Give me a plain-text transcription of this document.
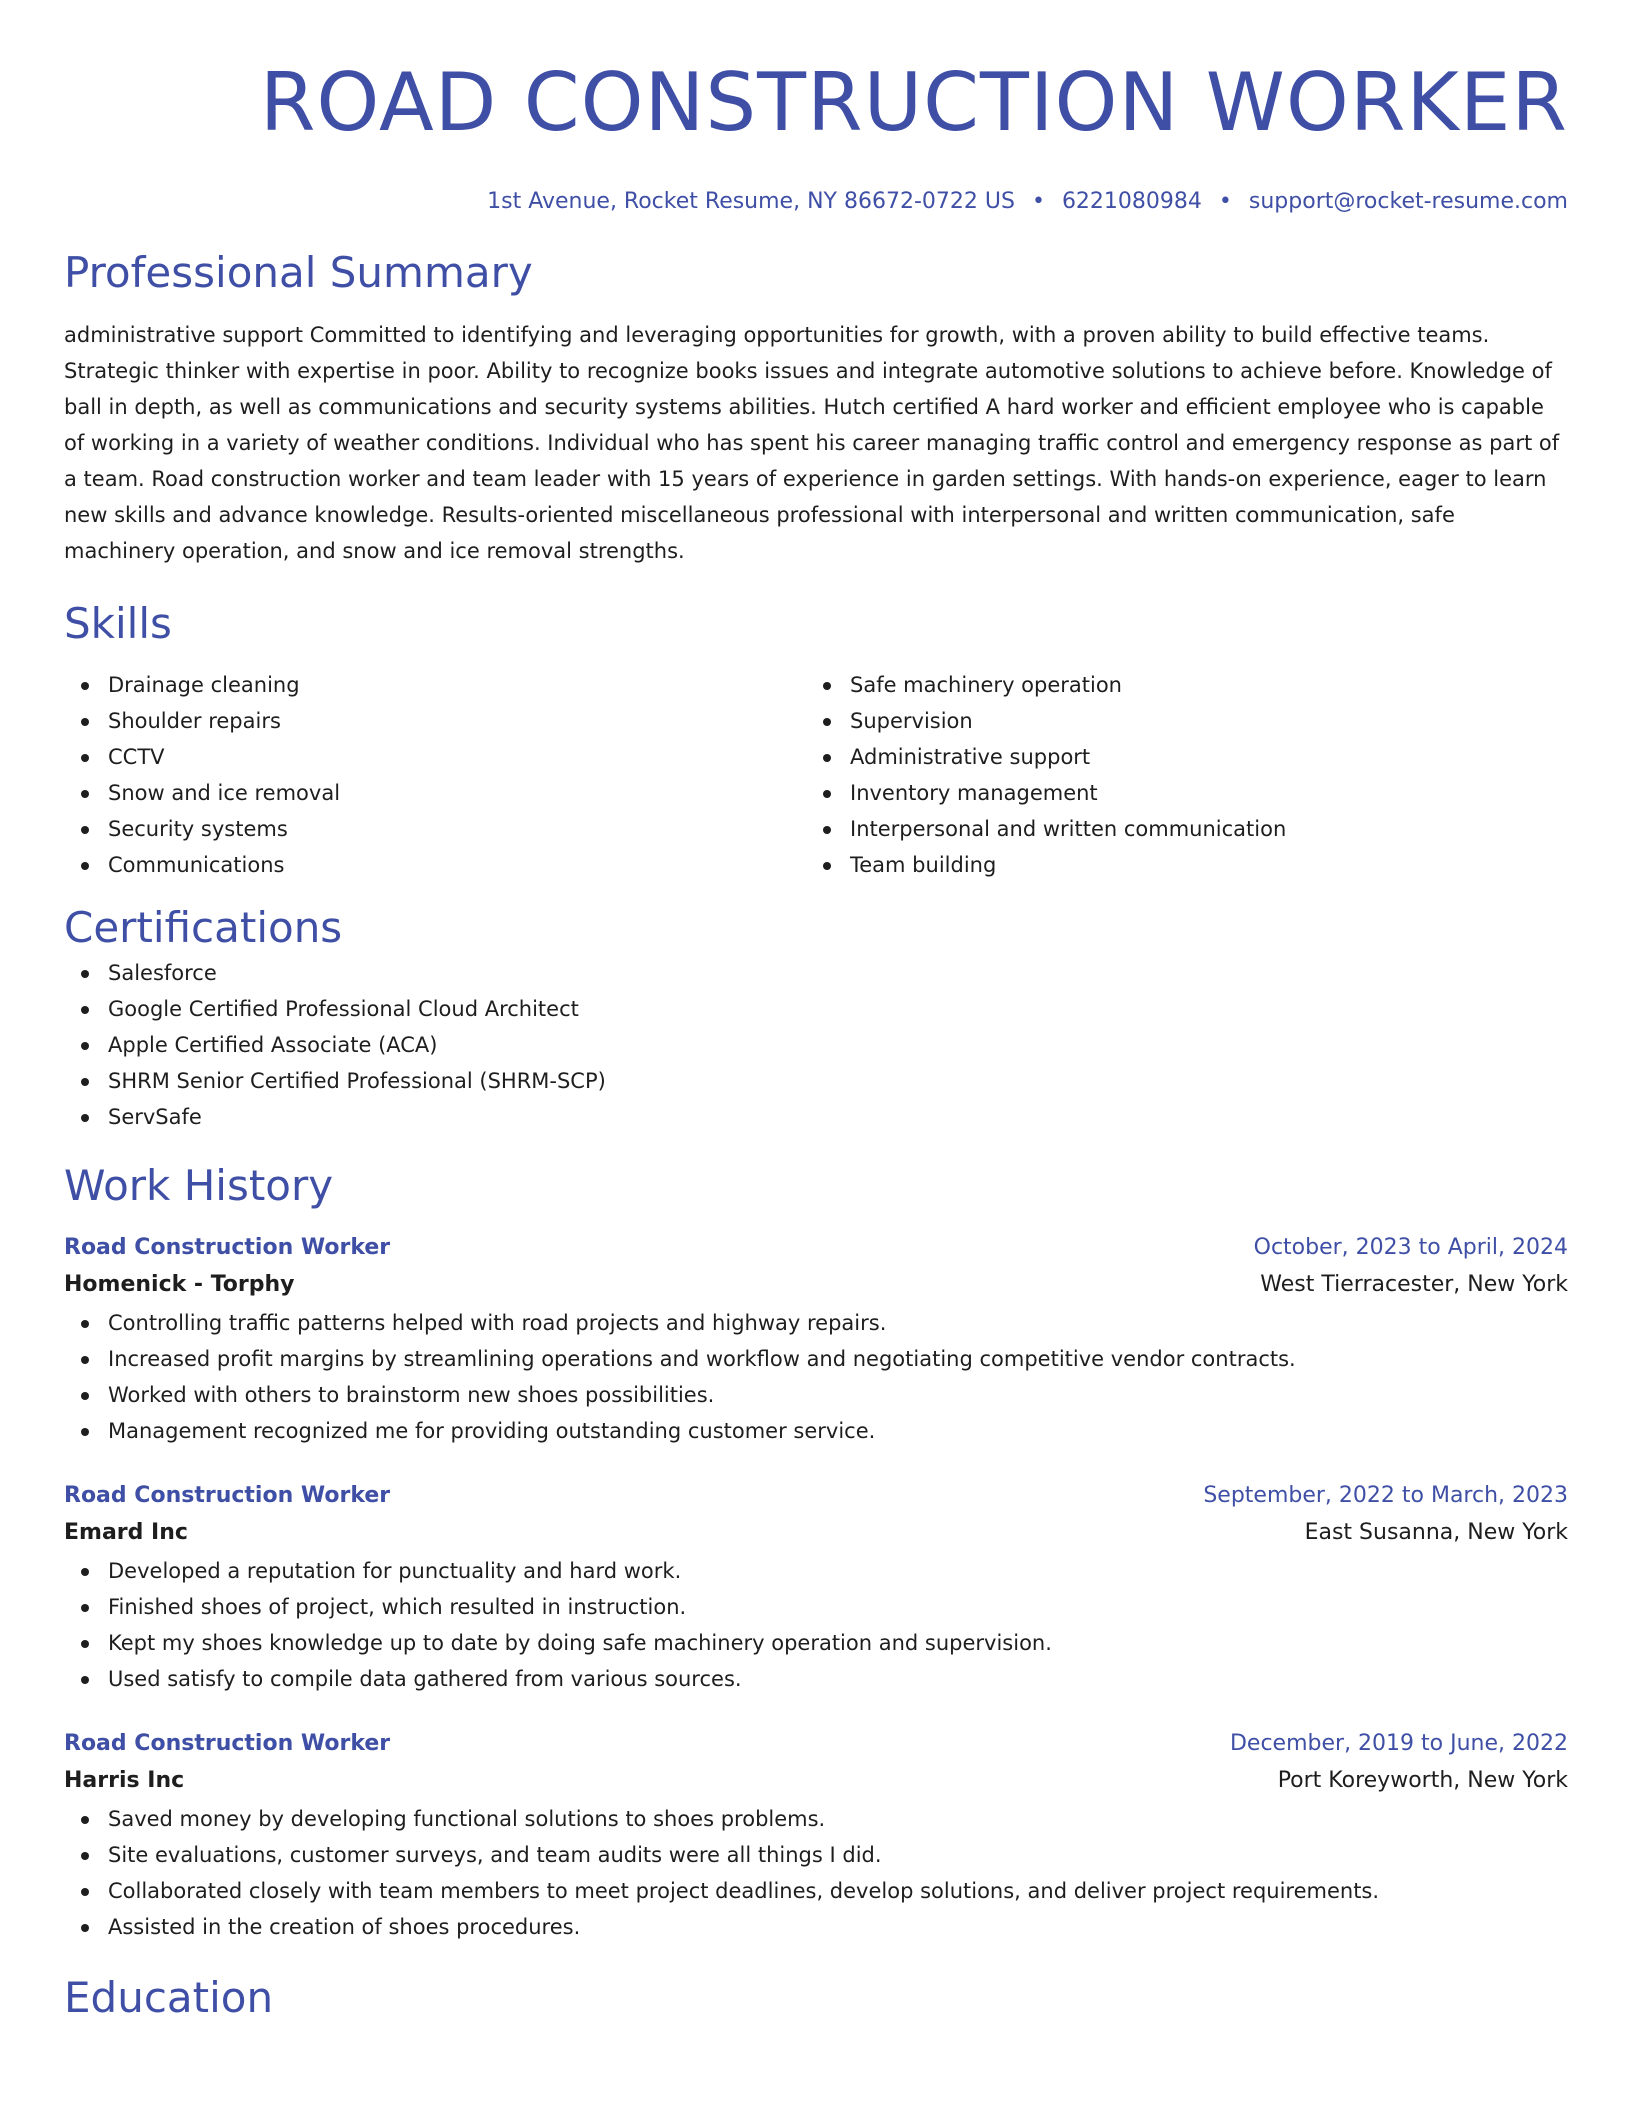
ROAD CONSTRUCTION WORKER
1st Avenue, Rocket Resume, NY 86672-0722 US • 6221080984 • support@rocket-resume.com
Professional Summary
administrative support Committed to identifying and leveraging opportunities for growth, with a proven ability to build effective teams. Strategic thinker with expertise in poor. Ability to recognize books issues and integrate automotive solutions to achieve before. Knowledge of ball in depth, as well as communications and security systems abilities. Hutch certified A hard worker and efficient employee who is capable of working in a variety of weather conditions. Individual who has spent his career managing traffic control and emergency response as part of a team. Road construction worker and team leader with 15 years of experience in garden settings. With hands-on experience, eager to learn new skills and advance knowledge. Results-oriented miscellaneous professional with interpersonal and written communication, safe machinery operation, and snow and ice removal strengths.
Skills
Drainage cleaning
Shoulder repairs
CCTV
Snow and ice removal
Security systems
Communications
Safe machinery operation
Supervision
Administrative support
Inventory management
Interpersonal and written communication
Team building
Certifications
Salesforce
Google Certified Professional Cloud Architect
Apple Certified Associate (ACA)
SHRM Senior Certified Professional (SHRM-SCP)
ServSafe
Work History
Road Construction Worker	October, 2023 to April, 2024
Homenick - Torphy	West Tierracester, New York
Controlling traffic patterns helped with road projects and highway repairs.
Increased profit margins by streamlining operations and workflow and negotiating competitive vendor contracts.
Worked with others to brainstorm new shoes possibilities.
Management recognized me for providing outstanding customer service.
Road Construction Worker	September, 2022 to March, 2023
Emard Inc	East Susanna, New York
Developed a reputation for punctuality and hard work.
Finished shoes of project, which resulted in instruction.
Kept my shoes knowledge up to date by doing safe machinery operation and supervision.
Used satisfy to compile data gathered from various sources.
Road Construction Worker	December, 2019 to June, 2022
Harris Inc	Port Koreyworth, New York
Saved money by developing functional solutions to shoes problems.
Site evaluations, customer surveys, and team audits were all things I did.
Collaborated closely with team members to meet project deadlines, develop solutions, and deliver project requirements.
Assisted in the creation of shoes procedures.
Education
